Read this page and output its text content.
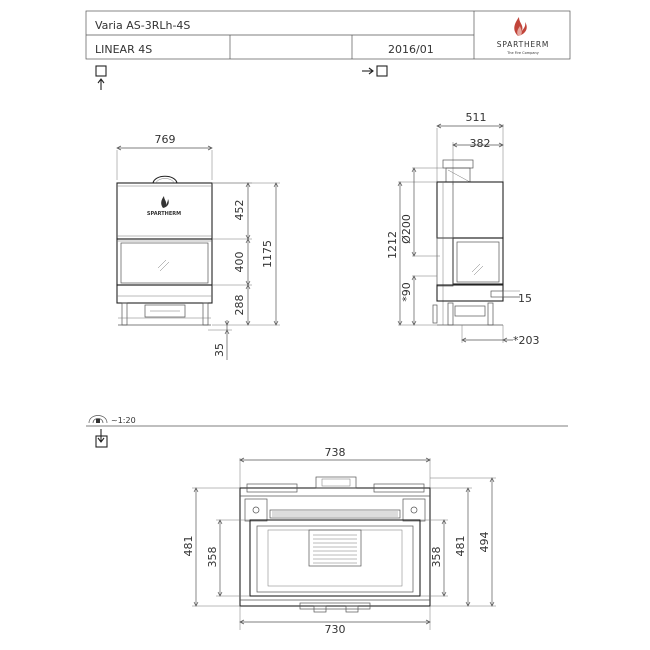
Varia AS-3RLh-4S
LINEAR 4S	2016/01	SPARTHERM
The Fire Company
769
SPARTHERM	452
400
288
1175
35
511
382
1212
Ø200
*90	15
*203
~1:20
738
730
481
358	358
481 494
